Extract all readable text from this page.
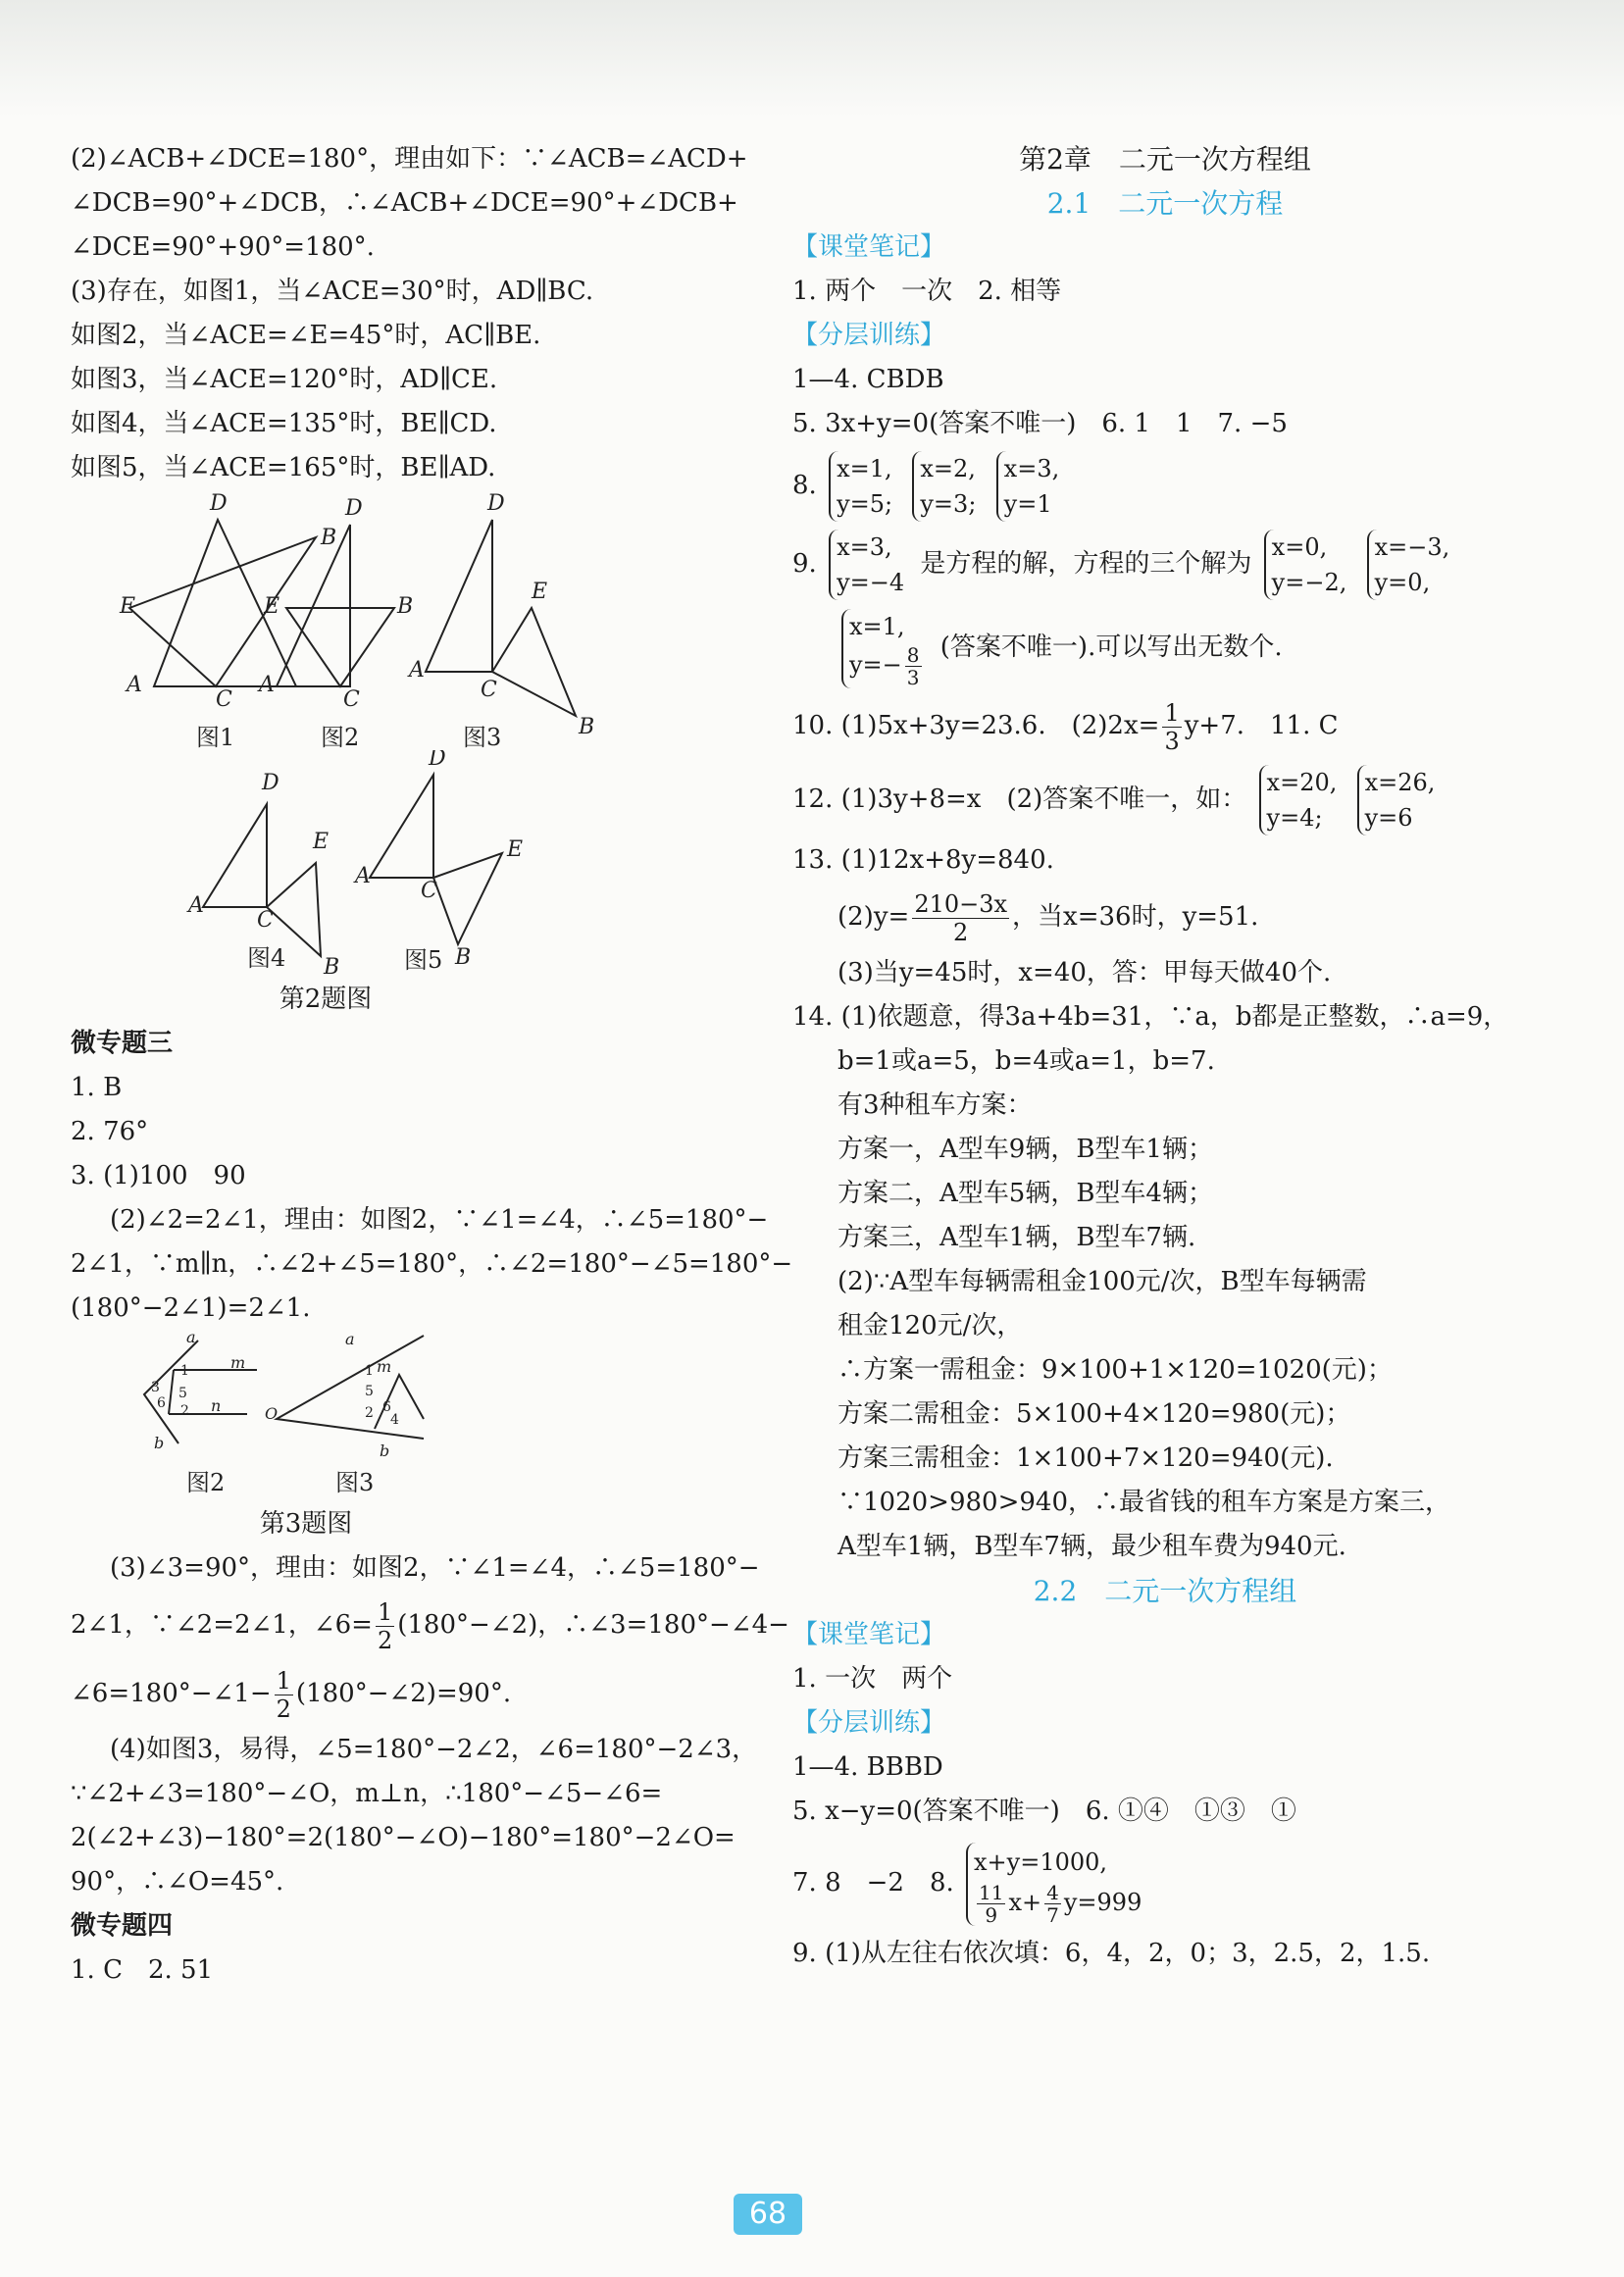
(2)∠ACB+∠DCE=180°，理由如下：∵∠ACB=∠ACD+
∠DCB=90°+∠DCB，∴∠ACB+∠DCE=90°+∠DCB+
∠DCE=90°+90°=180°.
(3)存在，如图1，当∠ACE=30°时，AD∥BC.
如图2，当∠ACE=∠E=45°时，AC∥BE.
如图3，当∠ACE=120°时，AD∥CE.
如图4，当∠ACE=135°时，BE∥CD.
如图5，当∠ACE=165°时，BE∥AD.
D
B
E
A
C
D
B
E
A
C
D
E
A
C
B
图1	图2	图3
D
E
A
C
B
D
E
A
C
B
图4	图5
第2题图
微专题三
1. B
2. 76°
3. (1)100　90
(2)∠2=2∠1，理由：如图2，∵∠1=∠4，∴∠5=180°−
2∠1，∵m∥n，∴∠2+∠5=180°，∴∠2=180°−∠5=180°−
(180°−2∠1)=2∠1.
a
m
n
b
a
m
O
b
1
5
2
3
6
1
5
2 6
4
图2	图3
第3题图
(3)∠3=90°，理由：如图2，∵∠1=∠4，∴∠5=180°−
2∠1，∵∠2=2∠1，∠6= $\frac{1}{2}$ (180°−∠2)，∴∠3=180°−∠4−
∠6=180°−∠1− $\frac{1}{2}$ (180°−∠2)=90°.
(4)如图3，易得，∠5=180°−2∠2，∠6=180°−2∠3，
∵∠2+∠3=180°−∠O，m⊥n，∴180°−∠5−∠6=
2(∠2+∠3)−180°=2(180°−∠O)−180°=180°−2∠O=
90°，∴∠O=45°.
微专题四
1. C　2. 51
第2章　二元一次方程组
2.1　二元一次方程
【课堂笔记】
1. 两个　一次　2. 相等
【分层训练】
1—4. CBDB
5. 3x+y=0(答案不唯一)　6. 1　1　7. −5
8. x=1,
y=5; x=2,
y=3; x=3,
y=1
9. x=3,
y=−4 是方程的解，方程的三个解为 x=0,
y=−2, x=−3,
y=0,
x=1,
$y=- \frac{8}{3}$ (答案不唯一).可以写出无数个.
10. (1)5x+3y=23.6.　$(2)2x= \frac{1}{3} y+7$.　11. C
12. (1)3y+8=x　(2)答案不唯一，如： x=20,
y=4; x=26,
y=6
13. (1)12x+8y=840.
$(2)y= \frac{210-3x}{2}$ ，当x=36时，y=51.
(3)当y=45时，x=40，答：甲每天做40个.
14. (1)依题意，得3a+4b=31，∵a，b都是正整数，∴a=9，
b=1或a=5，b=4或a=1，b=7.
有3种租车方案：
方案一，A型车9辆，B型车1辆；
方案二，A型车5辆，B型车4辆；
方案三，A型车1辆，B型车7辆.
(2)∵A型车每辆需租金100元/次，B型车每辆需
租金120元/次，
∴方案一需租金：9×100+1×120=1020(元)；
方案二需租金：5×100+4×120=980(元)；
方案三需租金：1×100+7×120=940(元).
∵1020>980>940，∴最省钱的租车方案是方案三，
A型车1辆，B型车7辆，最少租车费为940元.
2.2　二元一次方程组
【课堂笔记】
1. 一次　两个
【分层训练】
1—4. BBBD
5. x−y=0(答案不唯一)　6. ①④　①③　①
7. 8　−2　8. x+y=1000,

$\frac{11}{9} x+ \frac{4}{7} y=999$
9. (1)从左往右依次填：6，4，2，0；3，2.5，2，1.5.
68
